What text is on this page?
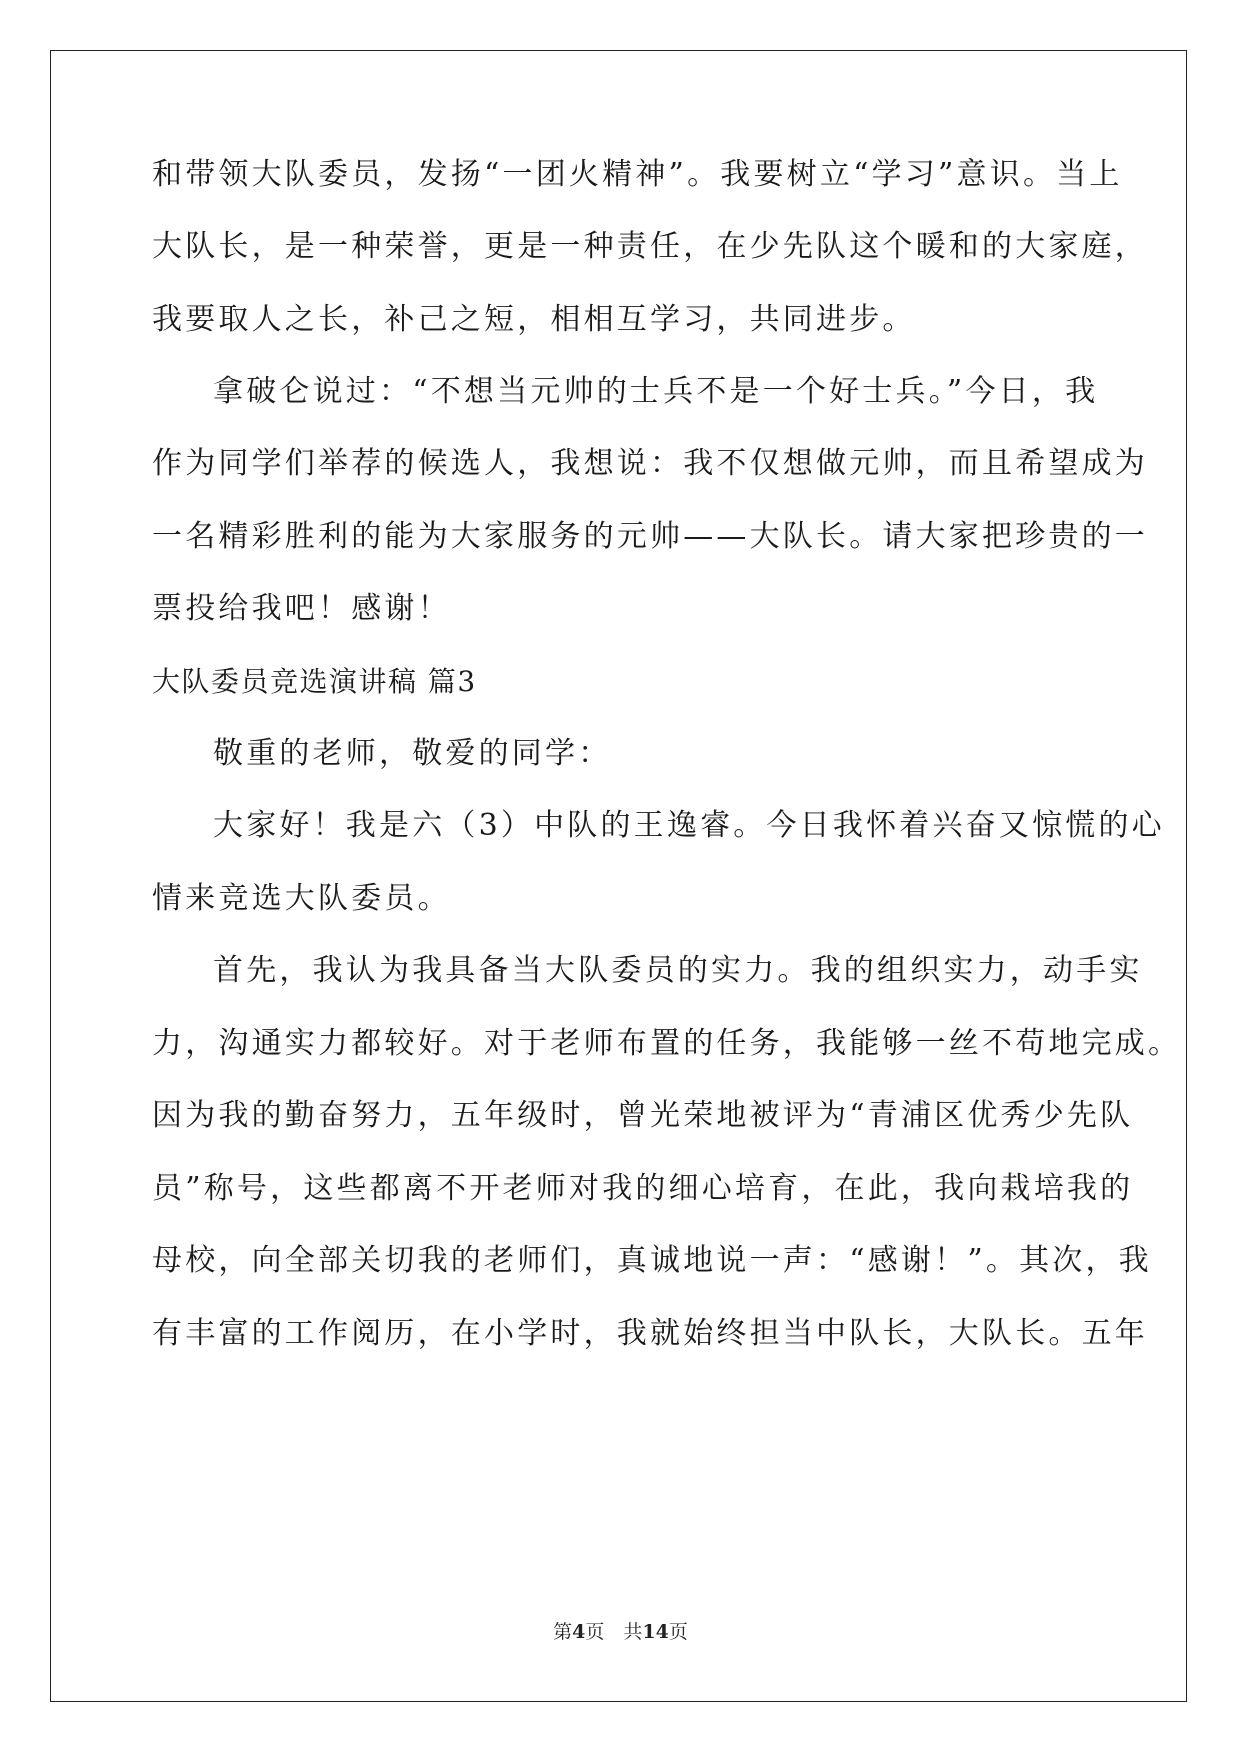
和带领大队委员，发扬“一团火精神”。我要树立“学习”意识。当上
大队长，是一种荣誉，更是一种责任，在少先队这个暖和的大家庭，
我要取人之长，补己之短，相相互学习，共同进步。
拿破仑说过：“不想当元帅的士兵不是一个好士兵。”今日，我
作为同学们举荐的候选人，我想说：我不仅想做元帅，而且希望成为
一名精彩胜利的能为大家服务的元帅——大队长。请大家把珍贵的一
票投给我吧！感谢！
大队委员竞选演讲稿 篇3
敬重的老师，敬爱的同学：
大家好！我是六（3）中队的王逸睿。今日我怀着兴奋又惊慌的心
情来竞选大队委员。
首先，我认为我具备当大队委员的实力。我的组织实力，动手实
力，沟通实力都较好。对于老师布置的任务，我能够一丝不苟地完成。
因为我的勤奋努力，五年级时，曾光荣地被评为“青浦区优秀少先队
员”称号，这些都离不开老师对我的细心培育，在此，我向栽培我的
母校，向全部关切我的老师们，真诚地说一声：“感谢！”。其次，我
有丰富的工作阅历，在小学时，我就始终担当中队长，大队长。五年
第4页　共14页
